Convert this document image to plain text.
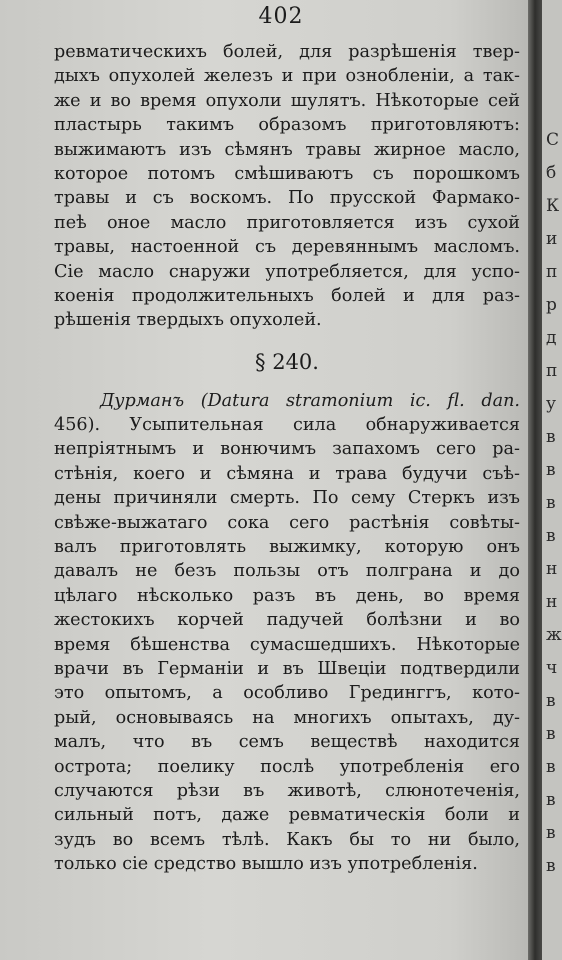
С
б
К
и
п
р
д
п
у
в
в
в
в
н
н
ж
ч
в
в
в
в
в
в
402
ревматическихъ болей, для разрѣшенія твер-
дыхъ опухолей железъ и при ознобленіи, а так-
же и во время опухоли шулятъ. Нѣкоторые сей
пластырь такимъ образомъ приготовляютъ:
выжимаютъ изъ сѣмянъ травы жирное масло,
которое потомъ смѣшиваютъ съ порошкомъ
травы и съ воскомъ. По прусской Фармако-
пеѣ оное масло приготовляется изъ сухой
травы, настоенной съ деревяннымъ масломъ.
Сіе масло снаружи употребляется, для успо-
коенія продолжительныхъ болей и для раз-
рѣшенія твердыхъ опухолей.
§ 240.
Дурманъ (Datura stramonium ic. fl. dan.
456). Усыпительная сила обнаруживается
непріятнымъ и вонючимъ запахомъ сего ра-
стѣнія, коего и сѣмяна и трава будучи съѣ-
дены причиняли смерть. По сему Стеркъ изъ
свѣже-выжатаго сока сего растѣнія совѣты-
валъ приготовлять выжимку, которую онъ
давалъ не безъ пользы отъ полграна и до
цѣлаго нѣсколько разъ въ день, во время
жестокихъ корчей падучей болѣзни и во
время бѣшенства сумасшедшихъ. Нѣкоторые
врачи въ Германіи и въ Швеціи подтвердили
это опытомъ, а особливо Грединггъ, кото-
рый, основываясь на многихъ опытахъ, ду-
малъ, что въ семъ веществѣ находится
острота; поелику послѣ употребленія его
случаются рѣзи въ животѣ, слюнотеченія,
сильный потъ, даже ревматическія боли и
зудъ во всемъ тѣлѣ. Какъ бы то ни было,
только сіе средство вышло изъ употребленія.
